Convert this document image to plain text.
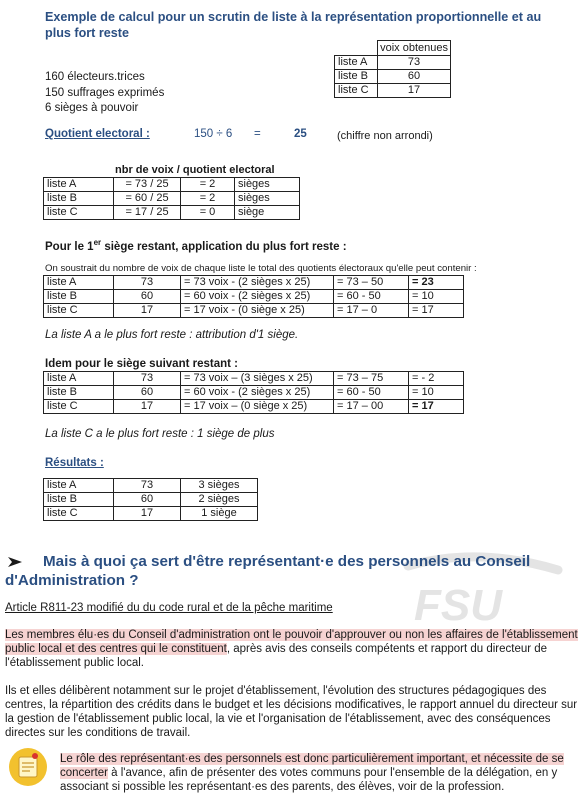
Exemple de calcul pour un scrutin de liste à la représentation proportionnelle et au plus fort reste
160 électeurs.trices
150 suffrages exprimés
6 sièges à pouvoir
	voix obtenues
liste A	73
liste B	60
liste C	17
Quotient electoral :	150 ÷ 6 =	25	(chiffre non arrondi)
nbr de voix / quotient electoral
liste A	= 73 / 25	= 2	sièges
liste B	= 60 / 25	= 2	sièges
liste C	= 17 / 25	= 0	siège
Pour le 1er siège restant, application du plus fort reste :
On soustrait du nombre de voix de chaque liste le total des quotients électoraux qu'elle peut contenir :
liste A	73	= 73 voix - (2 sièges x 25)	= 73 – 50	= 23
liste B	60	= 60 voix - (2 sièges x 25)	= 60 - 50	= 10
liste C	17	= 17 voix - (0 siège x 25)	= 17 – 0	= 17
La liste A a le plus fort reste : attribution d'1 siège.
Idem pour le siège suivant restant :
liste A	73	= 73 voix – (3 sièges x 25)	= 73 – 75	= - 2
liste B	60	= 60 voix - (2 sièges x 25)	= 60 - 50	= 10
liste C	17	= 17 voix – (0 siège x 25)	= 17 – 00	= 17
La liste C a le plus fort reste : 1 siège de plus
Résultats :
liste A	73	3 sièges
liste B	60	2 sièges
liste C	17	1 siège
FSU
Mais à quoi ça sert d'être représentant·e des personnels au Conseil d'Administration ?
Article R811-23 modifié du du code rural et de la pêche maritime
Les membres élu·es du Conseil d'administration ont le pouvoir d'approuver ou non les affaires de l'établissement public local et des centres qui le constituent, après avis des conseils compétents et rapport du directeur de l'établissement public local.
Ils et elles délibèrent notamment sur le projet d'établissement, l'évolution des structures pédagogiques des centres, la répartition des crédits dans le budget et les décisions modificatives, le rapport annuel du directeur sur la gestion de l'établissement public local, la vie et l'organisation de l'établissement, avec des conséquences directes sur les conditions de travail.
Le rôle des représentant·es des personnels est donc particulièrement important, et nécessite de se concerter à l'avance, afin de présenter des votes communs pour l'ensemble de la délégation, en y associant si possible les représentant·es des parents, des élèves, voir de la profession.
